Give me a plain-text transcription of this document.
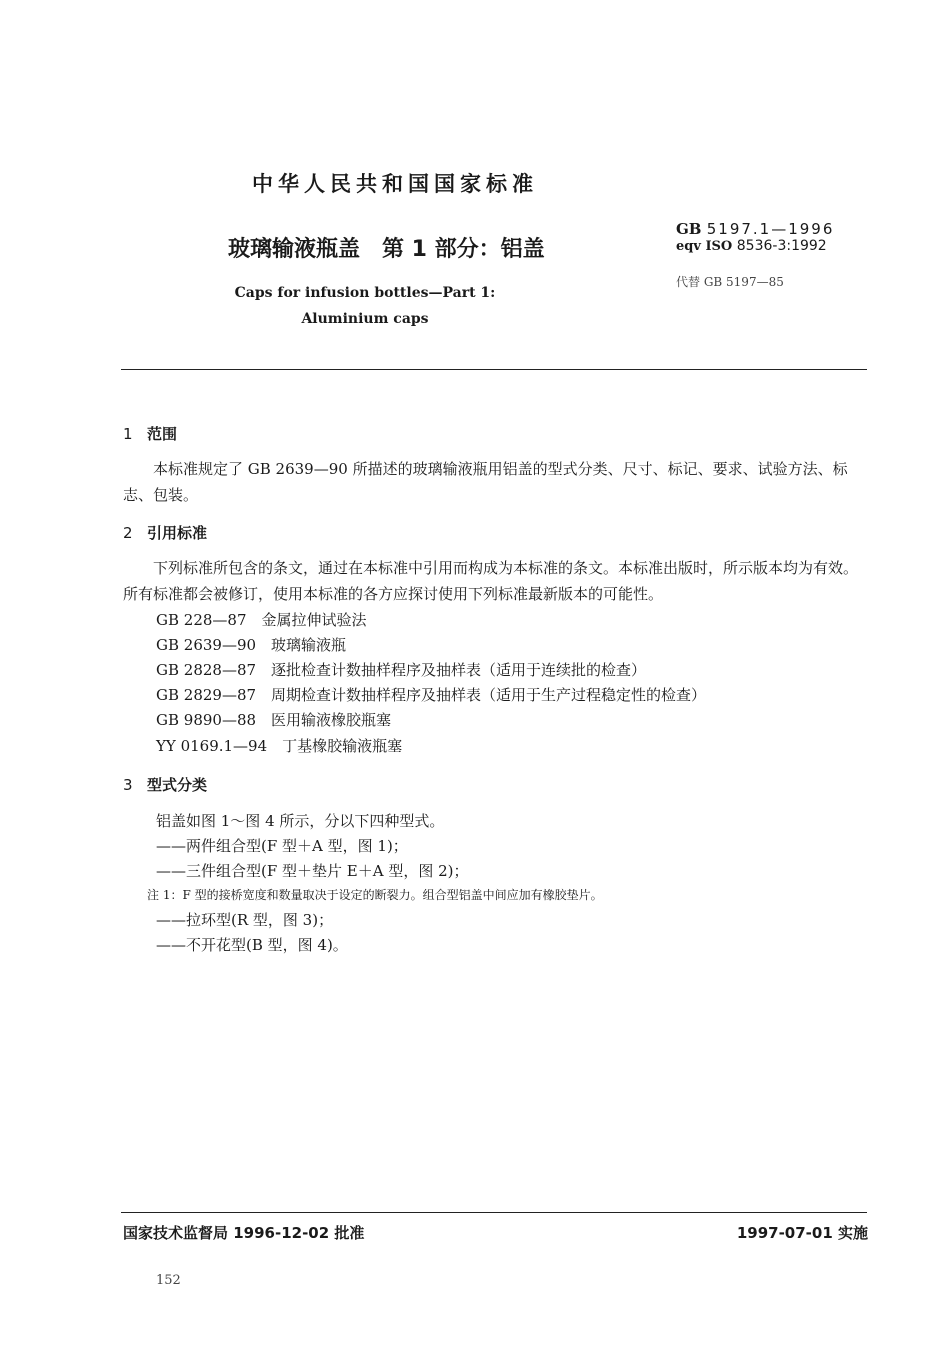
中华人民共和国国家标准
玻璃输液瓶盖　第 1 部分：铝盖
Caps for infusion bottles—Part 1:
Aluminium caps
GB 5197.1—1996
eqv ISO 8536-3:1992
代替 GB 5197—85
1 范围
本标准规定了 GB 2639—90 所描述的玻璃输液瓶用铝盖的型式分类、尺寸、标记、要求、试验方法、标志、包装。
2 引用标准
下列标准所包含的条文，通过在本标准中引用而构成为本标准的条文。本标准出版时，所示版本均为有效。所有标准都会被修订，使用本标准的各方应探讨使用下列标准最新版本的可能性。
GB 228—87　金属拉伸试验法
GB 2639—90　玻璃输液瓶
GB 2828—87　逐批检查计数抽样程序及抽样表（适用于连续批的检查）
GB 2829—87　周期检查计数抽样程序及抽样表（适用于生产过程稳定性的检查）
GB 9890—88　医用输液橡胶瓶塞
YY 0169.1—94　丁基橡胶输液瓶塞
3 型式分类
铝盖如图 1～图 4 所示，分以下四种型式。
——两件组合型(F 型＋A 型，图 1)；
——三件组合型(F 型＋垫片 E＋A 型，图 2)；
注 1：F 型的接桥宽度和数量取决于设定的断裂力。组合型铝盖中间应加有橡胶垫片。
——拉环型(R 型，图 3)；
——不开花型(B 型，图 4)。
国家技术监督局 1996-12-02 批准	1997-07-01 实施
152
